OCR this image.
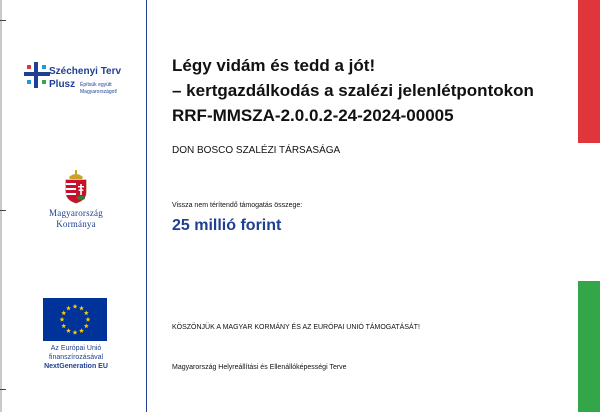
Széchenyi Terv
Plusz Építsük együtt
Magyarországot!
Magyarország
Kormánya
Az Európai Unió
finanszírozásával
NextGeneration EU
Légy vidám és tedd a jót!
– kertgazdálkodás a szalézi jelenlétpontokon
RRF-MMSZA-2.0.0.2-24-2024-00005
DON BOSCO SZALÉZI TÁRSASÁGA
Vissza nem térítendő támogatás összege:
25 millió forint
KÖSZÖNJÜK A MAGYAR KORMÁNY ÉS AZ EURÓPAI UNIÓ TÁMOGATÁSÁT!
Magyarország Helyreállítási és Ellenállóképességi Terve
